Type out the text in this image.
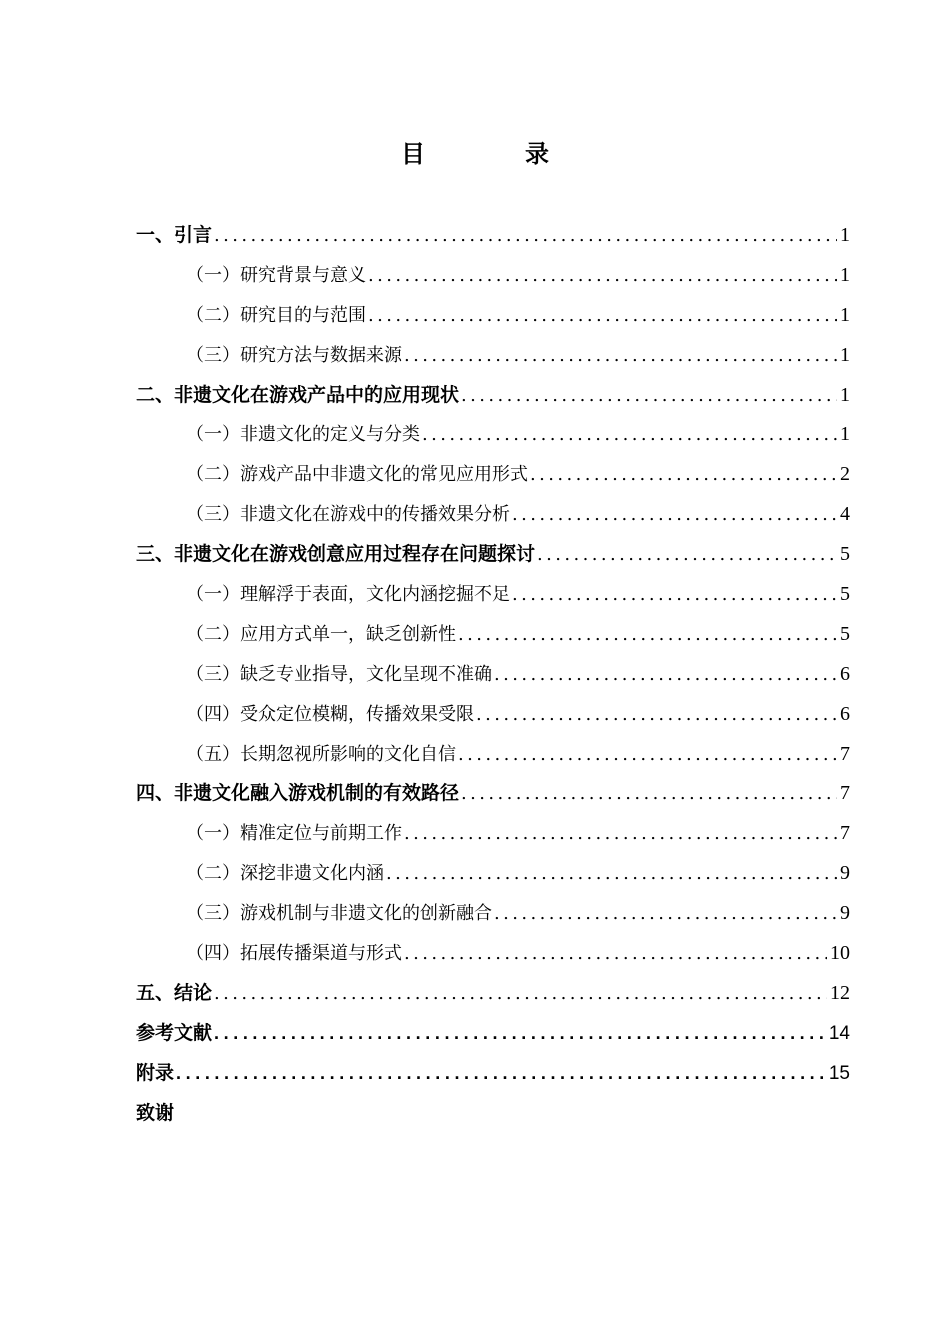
目　录
一、引言 .....	1
（一）研究背景与意义 .....	1
（二）研究目的与范围 .....	1
（三）研究方法与数据来源 .....	1
二、非遗文化在游戏产品中的应用现状 .....	1
（一）非遗文化的定义与分类 .....	1
（二）游戏产品中非遗文化的常见应用形式 .....	2
（三）非遗文化在游戏中的传播效果分析 .....	4
三、非遗文化在游戏创意应用过程存在问题探讨 .....	5
（一）理解浮于表面，文化内涵挖掘不足 .....	5
（二）应用方式单一，缺乏创新性 .....	5
（三）缺乏专业指导，文化呈现不准确 .....	6
（四）受众定位模糊，传播效果受限 .....	6
（五）长期忽视所影响的文化自信 .....	7
四、非遗文化融入游戏机制的有效路径 .....	7
（一）精准定位与前期工作 .....	7
（二）深挖非遗文化内涵 .....	9
（三）游戏机制与非遗文化的创新融合 .....	9
（四）拓展传播渠道与形式 .....	10
五、结论 .....	12
参考文献 .....	14
附录 .....	15
致谢
